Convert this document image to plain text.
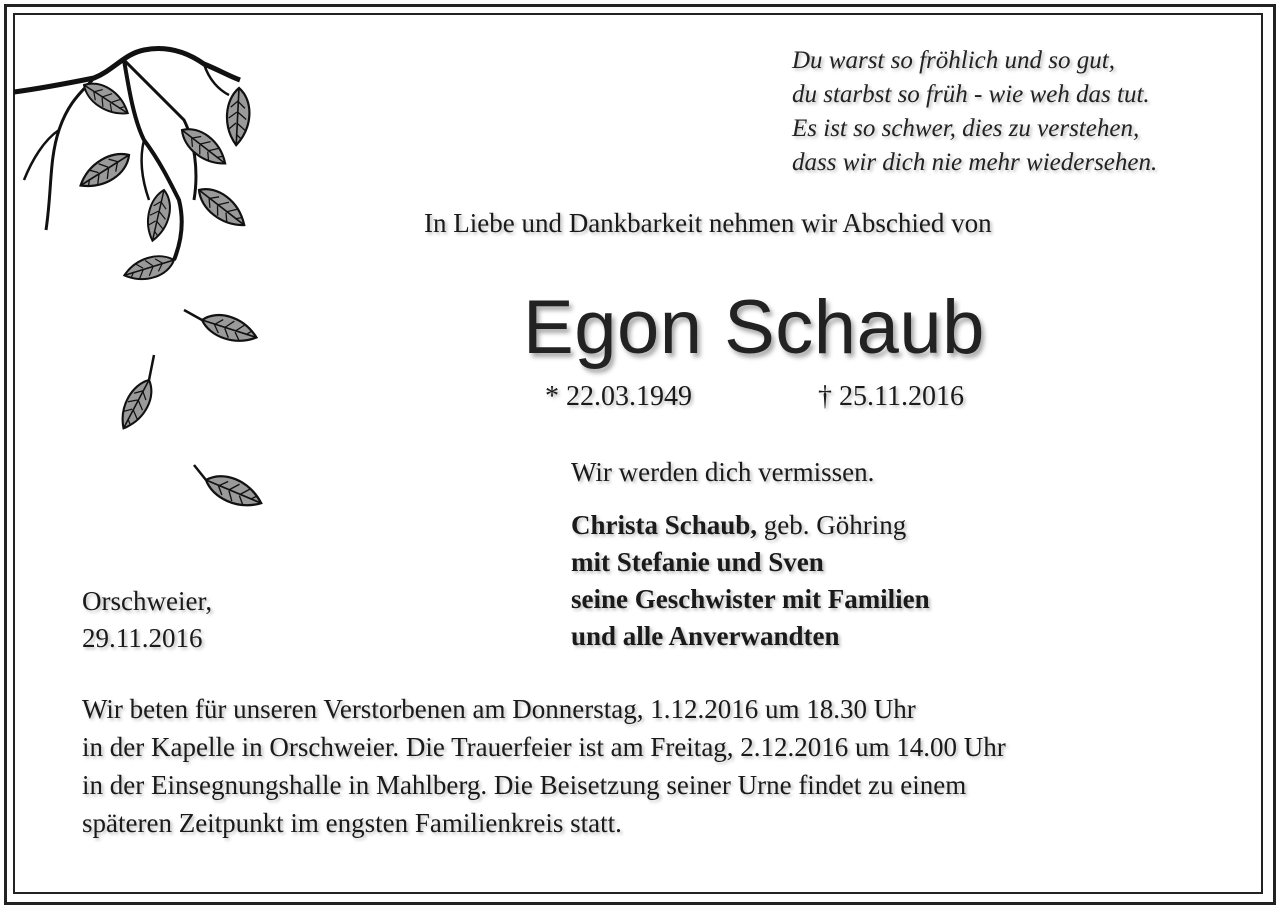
Du warst so fröhlich und so gut,
du starbst so früh - wie weh das tut.
Es ist so schwer, dies zu verstehen,
dass wir dich nie mehr wiedersehen.
In Liebe und Dankbarkeit nehmen wir Abschied von
Egon Schaub
* 22.03.1949	† 25.11.2016
Wir werden dich vermissen.
Christa Schaub, geb. Göhring
mit Stefanie und Sven
seine Geschwister mit Familien
und alle Anverwandten
Orschweier,
29.11.2016
Wir beten für unseren Verstorbenen am Donnerstag, 1.12.2016 um 18.30 Uhr
in der Kapelle in Orschweier. Die Trauerfeier ist am Freitag, 2.12.2016 um 14.00 Uhr
in der Einsegnungshalle in Mahlberg. Die Beisetzung seiner Urne findet zu einem
späteren Zeitpunkt im engsten Familienkreis statt.
